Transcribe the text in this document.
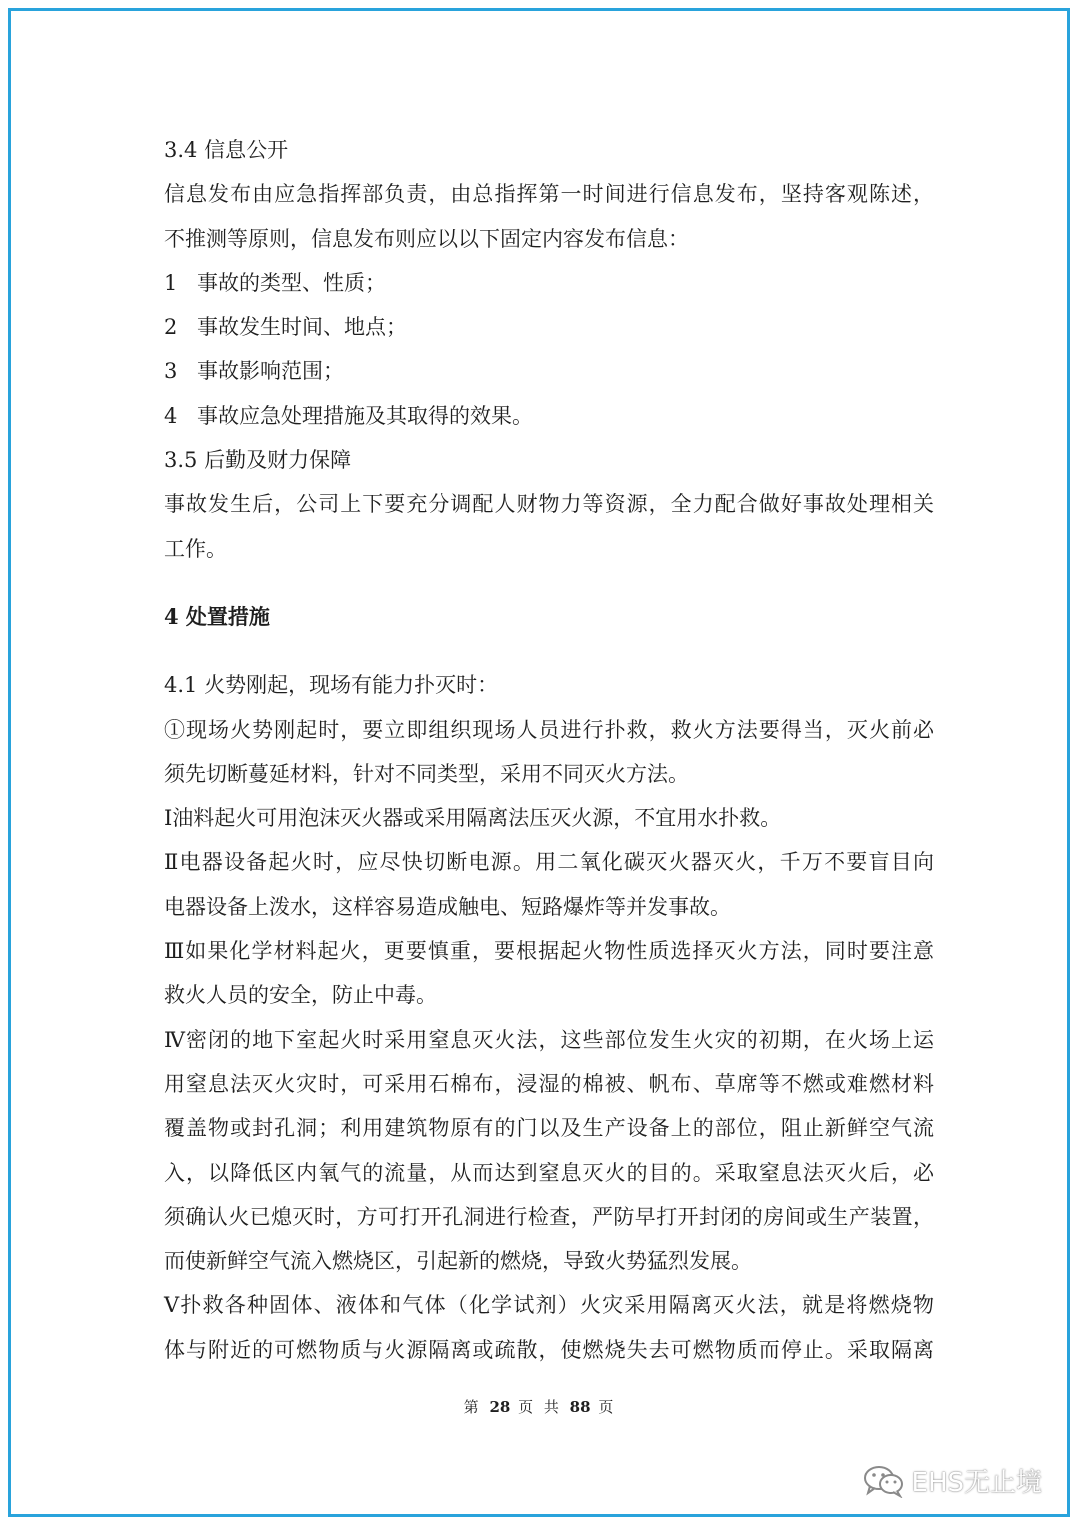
3.4 信息公开
信息发布由应急指挥部负责，由总指挥第一时间进行信息发布，坚持客观陈述，
不推测等原则，信息发布则应以以下固定内容发布信息：
1 事故的类型、性质；
2 事故发生时间、地点；
3 事故影响范围；
4 事故应急处理措施及其取得的效果。
3.5 后勤及财力保障
事故发生后，公司上下要充分调配人财物力等资源，全力配合做好事故处理相关
工作。
4 处置措施
4.1 火势刚起，现场有能力扑灭时：
①现场火势刚起时，要立即组织现场人员进行扑救，救火方法要得当，灭火前必
须先切断蔓延材料，针对不同类型，采用不同灭火方法。
Ⅰ油料起火可用泡沫灭火器或采用隔离法压灭火源，不宜用水扑救。
Ⅱ电器设备起火时，应尽快切断电源。用二氧化碳灭火器灭火，千万不要盲目向
电器设备上泼水，这样容易造成触电、短路爆炸等并发事故。
Ⅲ如果化学材料起火，更要慎重，要根据起火物性质选择灭火方法，同时要注意
救火人员的安全，防止中毒。
Ⅳ密闭的地下室起火时采用窒息灭火法，这些部位发生火灾的初期，在火场上运
用窒息法灭火灾时，可采用石棉布，浸湿的棉被、帆布、草席等不燃或难燃材料
覆盖物或封孔洞；利用建筑物原有的门以及生产设备上的部位，阻止新鲜空气流
入，以降低区内氧气的流量，从而达到窒息灭火的目的。采取窒息法灭火后，必
须确认火已熄灭时，方可打开孔洞进行检查，严防早打开封闭的房间或生产装置，
而使新鲜空气流入燃烧区，引起新的燃烧，导致火势猛烈发展。
Ⅴ扑救各种固体、液体和气体（化学试剂）火灾采用隔离灭火法，就是将燃烧物
体与附近的可燃物质与火源隔离或疏散，使燃烧失去可燃物质而停止。采取隔离
第 28 页 共 88 页
EHS无止境
